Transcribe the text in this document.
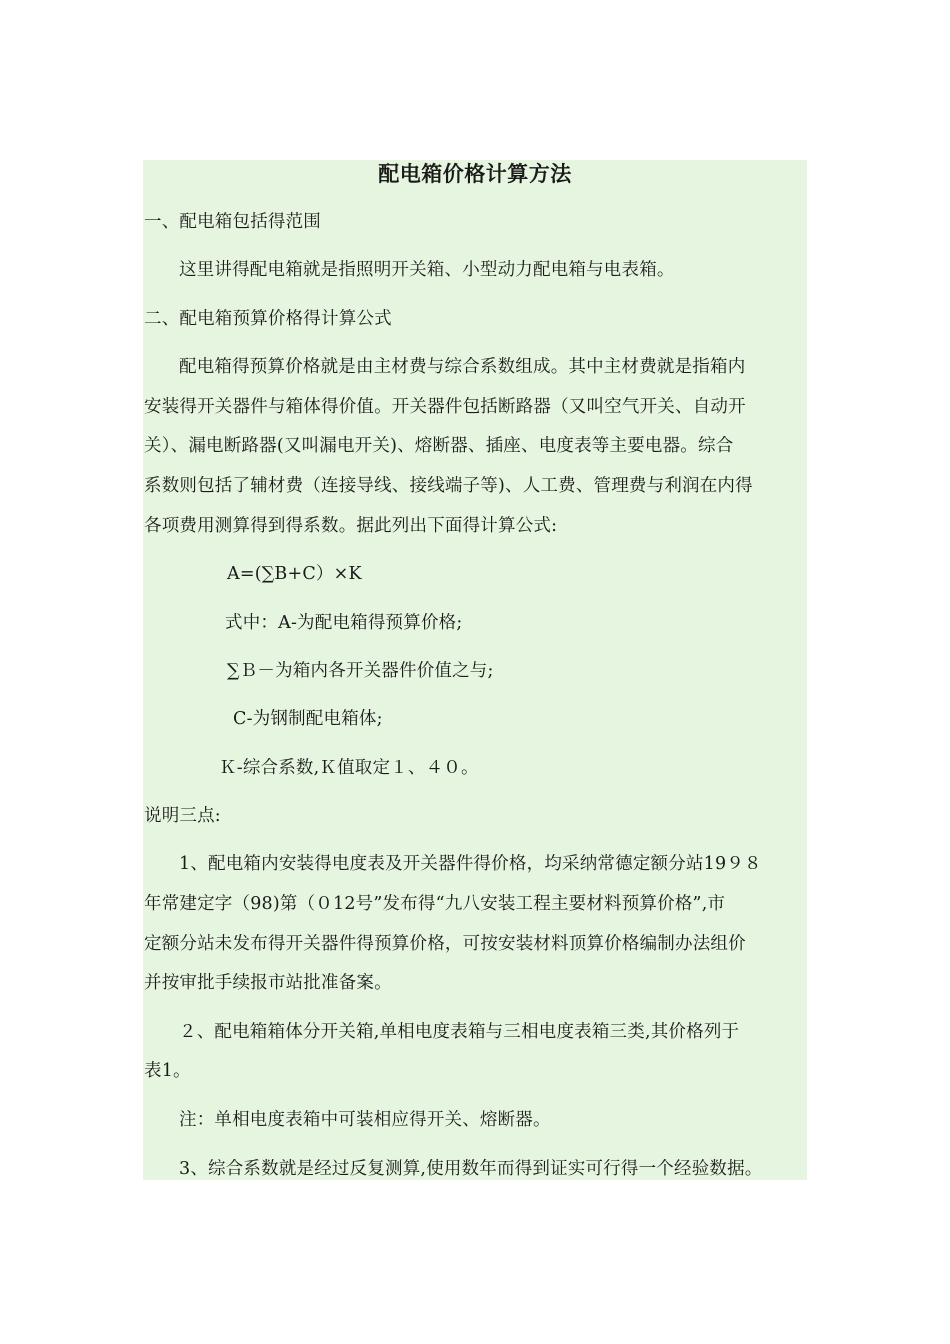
配电箱价格计算方法
一、配电箱包括得范围
这里讲得配电箱就是指照明开关箱、小型动力配电箱与电表箱。
二、配电箱预算价格得计算公式
配电箱得预算价格就是由主材费与综合系数组成。其中主材费就是指箱内
安装得开关器件与箱体得价值。开关器件包括断路器（又叫空气开关、自动开
关）、漏电断路器(又叫漏电开关)、熔断器、插座、电度表等主要电器。综合
系数则包括了辅材费（连接导线、接线端子等)、人工费、管理费与利润在内得
各项费用测算得到得系数。据此列出下面得计算公式:
A=(∑B+C）×K
式中：A-为配电箱得预算价格;
∑Ｂ－为箱内各开关器件价值之与;
C-为钢制配电箱体;
Ｋ-综合系数,Ｋ值取定１、４０。
说明三点:
1、配电箱内安装得电度表及开关器件得价格，均采纳常德定额分站19９８
年常建定字（98)第（０12号”发布得“九八安装工程主要材料预算价格”,市
定额分站未发布得开关器件得预算价格，可按安装材料顶算价格编制办法组价
并按审批手续报市站批准备案。
２、配电箱箱体分开关箱,单相电度表箱与三相电度表箱三类,其价格列于
表1。
注：单相电度表箱中可装相应得开关、熔断器。
3、综合系数就是经过反复测算,使用数年而得到证实可行得一个经验数据。
